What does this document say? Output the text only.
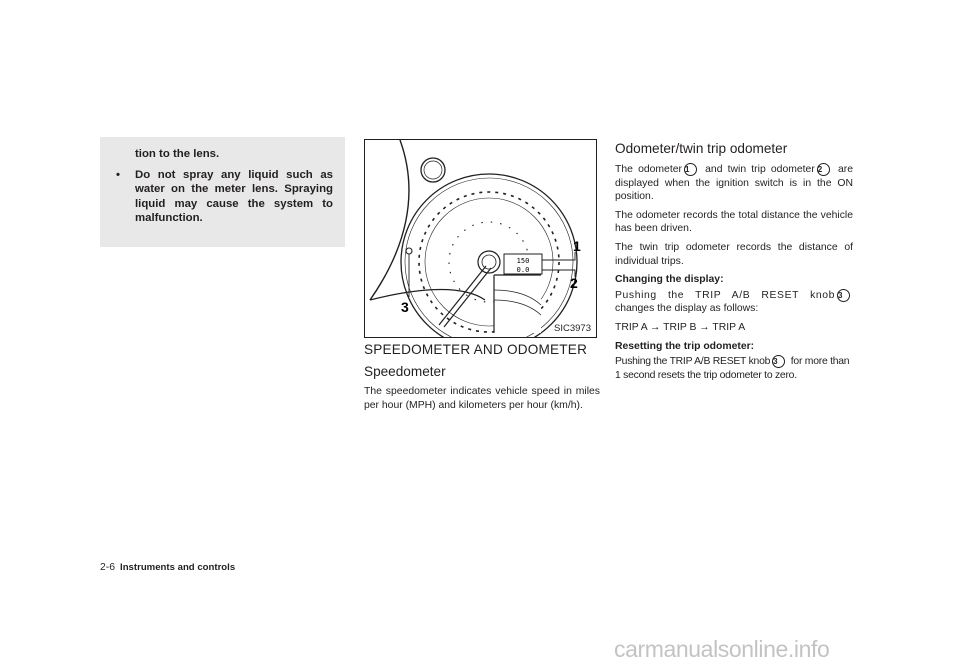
tion to the lens.

• Do not spray any liquid such as water on the meter lens. Spraying liquid may cause the system to malfunction.

150
0.0
1
2
3
SIC3973
SPEEDOMETER AND ODOMETER
Speedometer

The speedometer indicates vehicle speed in miles per hour (MPH) and kilometers per hour (km/h).

Odometer/twin trip odometer

The odometer 1 and twin trip odometer 2 are displayed when the ignition switch is in the ON position.

The odometer records the total distance the vehicle has been driven.

The twin trip odometer records the distance of individual trips.

Changing the display:

Pushing the TRIP A/B RESET knob 3 changes the display as follows:

TRIP A → TRIP B → TRIP A

Resetting the trip odometer:

Pushing the TRIP A/B RESET knob 3 for more than 1 second resets the trip odometer to zero.

2-6 Instruments and controls
carmanualsonline.info
